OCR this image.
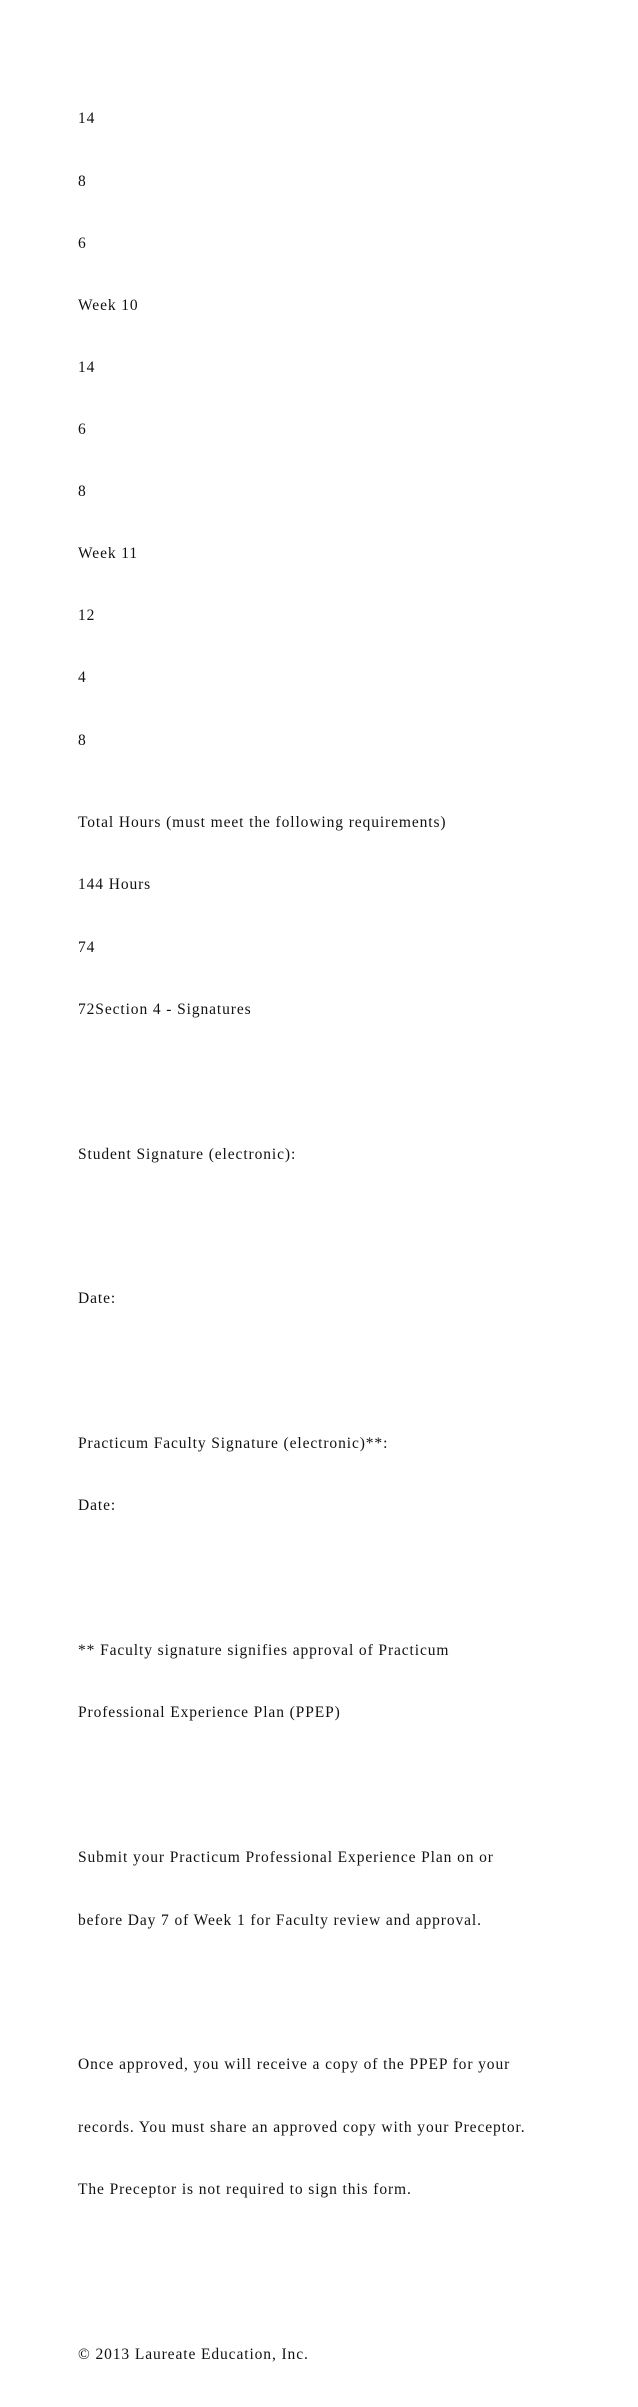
14

8

6

Week 10

14

6

8

Week 11

12

4

8

Total Hours (must meet the following requirements)

144 Hours

74

72Section 4 - Signatures

Student Signature (electronic):

Date:

Practicum Faculty Signature (electronic)**:

Date:

** Faculty signature signifies approval of Practicum

Professional Experience Plan (PPEP)

Submit your Practicum Professional Experience Plan on or

before Day 7 of Week 1 for Faculty review and approval.

Once approved, you will receive a copy of the PPEP for your

records. You must share an approved copy with your Preceptor.

The Preceptor is not required to sign this form.

© 2013 Laureate Education, Inc.
